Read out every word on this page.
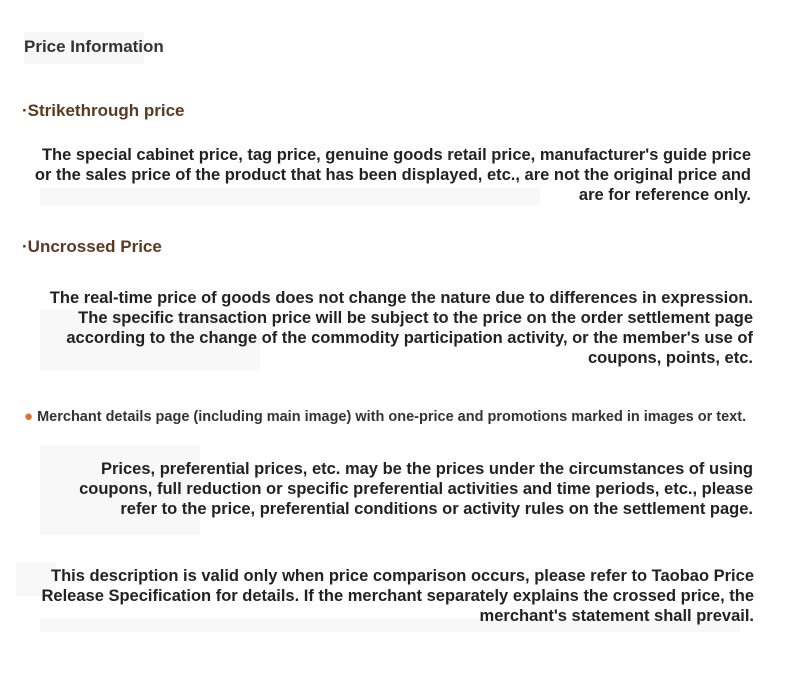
Price Information
·Strikethrough price
The special cabinet price, tag price, genuine goods retail price, manufacturer's guide price
or the sales price of the product that has been displayed, etc., are not the original price and
are for reference only.
·Uncrossed Price
The real-time price of goods does not change the nature due to differences in expression.
The specific transaction price will be subject to the price on the order settlement page
according to the change of the commodity participation activity, or the member's use of
coupons, points, etc.
● Merchant details page (including main image) with one-price and promotions marked in images or text.
Prices, preferential prices, etc. may be the prices under the circumstances of using
coupons, full reduction or specific preferential activities and time periods, etc., please
refer to the price, preferential conditions or activity rules on the settlement page.
This description is valid only when price comparison occurs, please refer to Taobao Price
Release Specification for details. If the merchant separately explains the crossed price, the
merchant's statement shall prevail.
